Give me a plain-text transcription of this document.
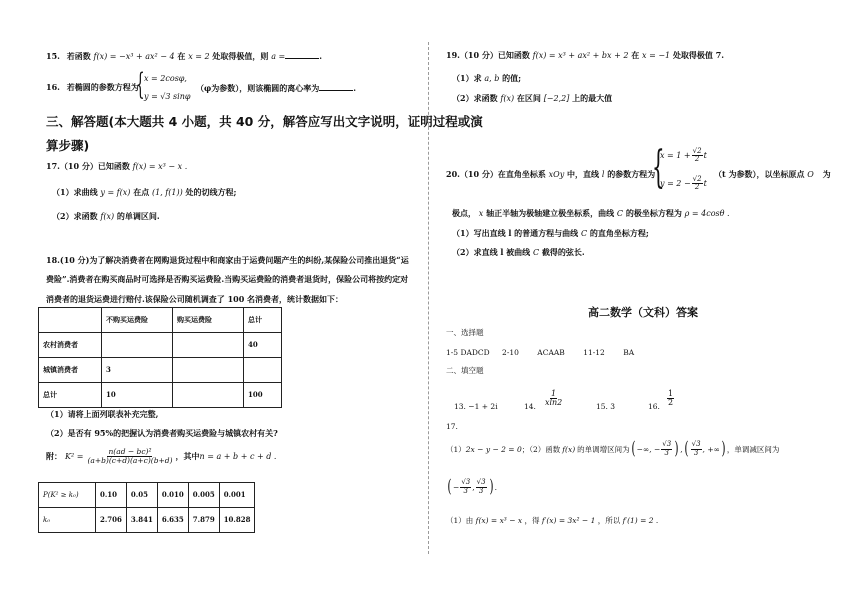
15. 若函数 f(x) = −x³ + ax² − 4 在 x = 2 处取得极值，则 a =	.
16. 若椭圆的参数方程为
{ x = 2cosφ,
y = √3 sinφ
（φ为参数），则该椭圆的离心率为	.
三、解答题(本大题共 4 小题，共 40 分，解答应写出文字说明，证明过程或演
算步骤)
17.（10 分）已知函数 f(x) = x³ − x .
（1）求曲线 y = f(x) 在点 (1, f(1)) 处的切线方程;
（2）求函数 f(x) 的单调区间.
18.(10 分)为了解决消费者在网购退货过程中和商家由于运费问题产生的纠纷,某保险公司推出退货“运
费险”.消费者在购买商品时可选择是否购买运费险.当购买运费险的消费者退货时，保险公司将按约定对
消费者的退货运费进行赔付.该保险公司随机调查了 100 名消费者，统计数据如下：
	不购买运费险	购买运费险	总计
农村消费者			40
城镇消费者	3		
总计	10		100
（1）请将上面列联表补充完整,
（2）是否有 95%的把握认为消费者购买运费险与城镇农村有关?
附： $K^2 = \frac{\text{n(ad − bc)²}}{(a+b)(c+d)(a+c)(b+d)}$ ，其中 n = a + b + c + d .
P(K² ≥ k₀)	0.10	0.05	0.010	0.005	0.001
k₀	2.706	3.841	6.635	7.879	10.828
19.（10 分）已知函数 f(x) = x³ + ax² + bx + 2 在 x = −1 处取得极值 7.
（1）求 a, b 的值;
（2）求函数 f(x) 在区间 [−2,2] 上的最大值
20.（10 分）在直角坐标系 xOy 中，直线 l 的参数方程为
{
$x = 1 + \frac{√2}{2}$ t
$y = 2 - \frac{√2}{2}$ t
（t 为参数），以坐标原点 O 为
极点， x 轴正半轴为极轴建立极坐标系，曲线 C 的极坐标方程为 ρ = 4cosθ .
（1）写出直线 l 的普通方程与曲线 C 的直角坐标方程;
（2）求直线 l 被曲线 C 截得的弦长.
高二数学（文科）答案
一、选择题
1-5 DADCD 2-10 ACAAB 11-12 BA
二、填空题
13. −1 + 2i	14. $\frac{1}{xln2}$	15. 3	16. $\frac{1}{2}$
17.
（1） 2x − y − 2 = 0 ；（2）函数 f(x) 的单调增区间为 ( −∞, − $\frac{√3}{3}$ ) , ( $\frac{√3}{3}$ , +∞ ) ，单调减区间为
( − $\frac{√3}{3}$ , $\frac{√3}{3}$ ) .
（1）由 f(x) = x³ − x ，得 f′(x) = 3x² − 1 ，所以 f′(1) = 2 .
